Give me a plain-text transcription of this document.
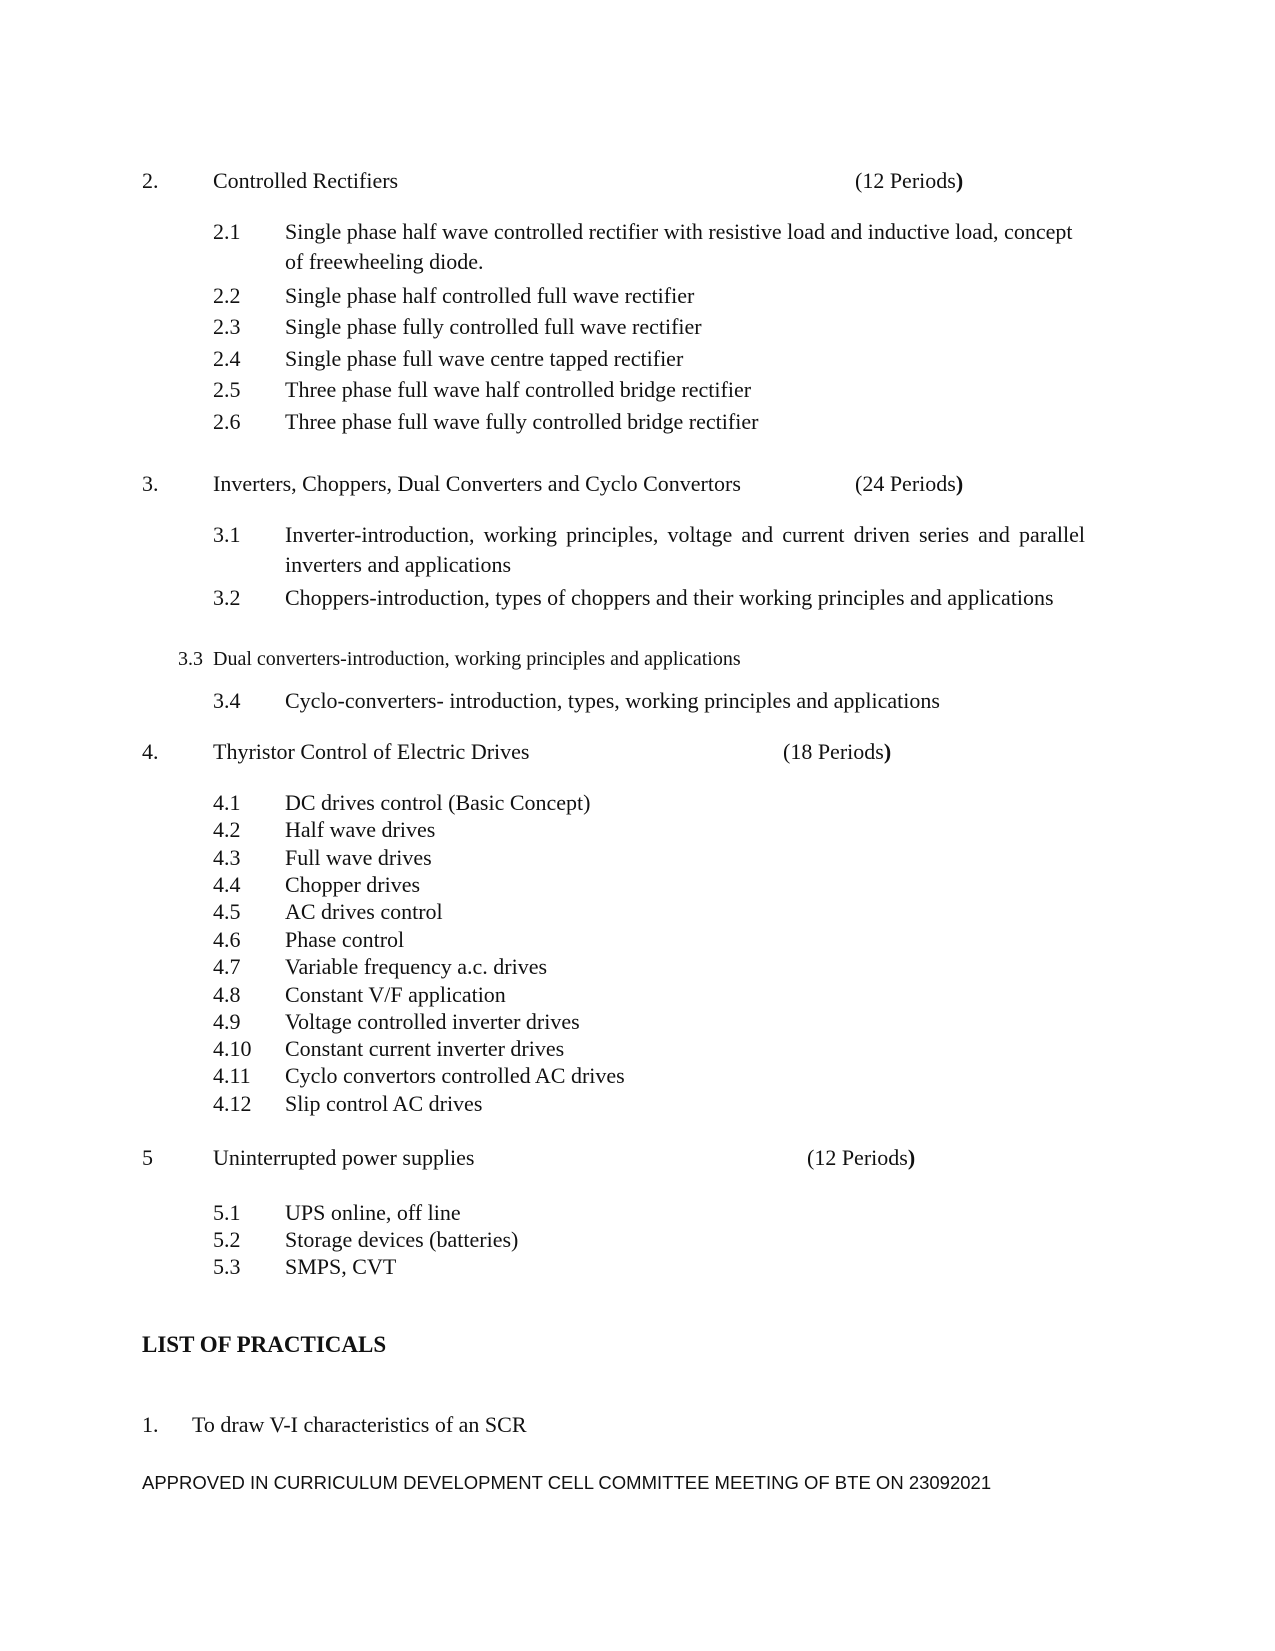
2. Controlled Rectifiers	(12 Periods)
2.1 Single phase half wave controlled rectifier with resistive load and inductive load, concept of freewheeling diode.
2.2 Single phase half controlled full wave rectifier
2.3 Single phase fully controlled full wave rectifier
2.4 Single phase full wave centre tapped rectifier
2.5 Three phase full wave half controlled bridge rectifier
2.6 Three phase full wave fully controlled bridge rectifier
3. Inverters, Choppers, Dual Converters and Cyclo Convertors	(24 Periods)
3.1 Inverter-introduction, working principles, voltage and current driven series and parallel inverters and applications
3.2 Choppers-introduction, types of choppers and their working principles and applications
3.3 Dual converters-introduction, working principles and applications
3.4 Cyclo-converters- introduction, types, working principles and applications
4. Thyristor Control of Electric Drives	(18 Periods)
4.1 DC drives control (Basic Concept)
4.2 Half wave drives
4.3 Full wave drives
4.4 Chopper drives
4.5 AC drives control
4.6 Phase control
4.7 Variable frequency a.c. drives
4.8 Constant V/F application
4.9 Voltage controlled inverter drives
4.10 Constant current inverter drives
4.11 Cyclo convertors controlled AC drives
4.12 Slip control AC drives
5	Uninterrupted power supplies	(12 Periods)
5.1 UPS online, off line
5.2 Storage devices (batteries)
5.3 SMPS, CVT
LIST OF PRACTICALS
1. To draw V-I characteristics of an SCR
APPROVED IN CURRICULUM DEVELOPMENT CELL COMMITTEE MEETING OF BTE ON 23092021
